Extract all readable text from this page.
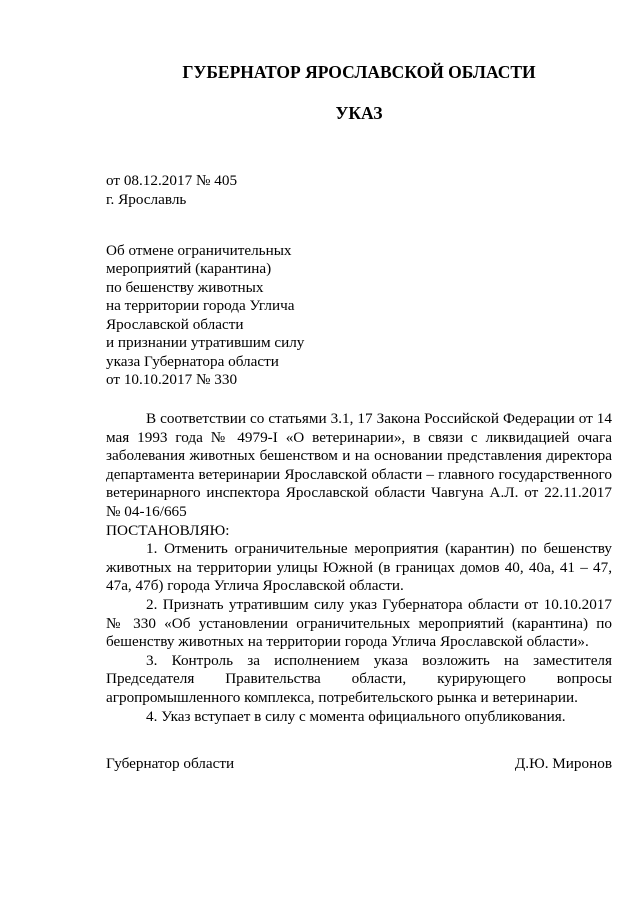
ГУБЕРНАТОР ЯРОСЛАВСКОЙ ОБЛАСТИ
УКАЗ
от 08.12.2017 № 405
г. Ярославль
Об отмене ограничительных
мероприятий (карантина)
по бешенству животных
на территории города Углича
Ярославской области
и признании утратившим силу
указа Губернатора области
от 10.10.2017 № 330

В соответствии со статьями 3.1, 17 Закона Российской Федерации от 14 мая 1993 года № 4979-I «О ветеринарии», в связи с ликвидацией очага заболевания животных бешенством и на основании представления директора департамента ветеринарии Ярославской области – главного государственного ветеринарного инспектора Ярославской области Чавгуна А.Л. от 22.11.2017 № 04-16/665

ПОСТАНОВЛЯЮ:

1. Отменить ограничительные мероприятия (карантин) по бешенству животных на территории улицы Южной (в границах домов 40, 40а, 41 – 47, 47а, 47б) города Углича Ярославской области.

2. Признать утратившим силу указ Губернатора области от 10.10.2017 № 330 «Об установлении ограничительных мероприятий (карантина) по бешенству животных на территории города Углича Ярославской области».

3. Контроль за исполнением указа возложить на заместителя Председателя Правительства области, курирующего вопросы агропромышленного комплекса, потребительского рынка и ветеринарии.

4. Указ вступает в силу с момента официального опубликования.

Губернатор области	Д.Ю. Миронов
